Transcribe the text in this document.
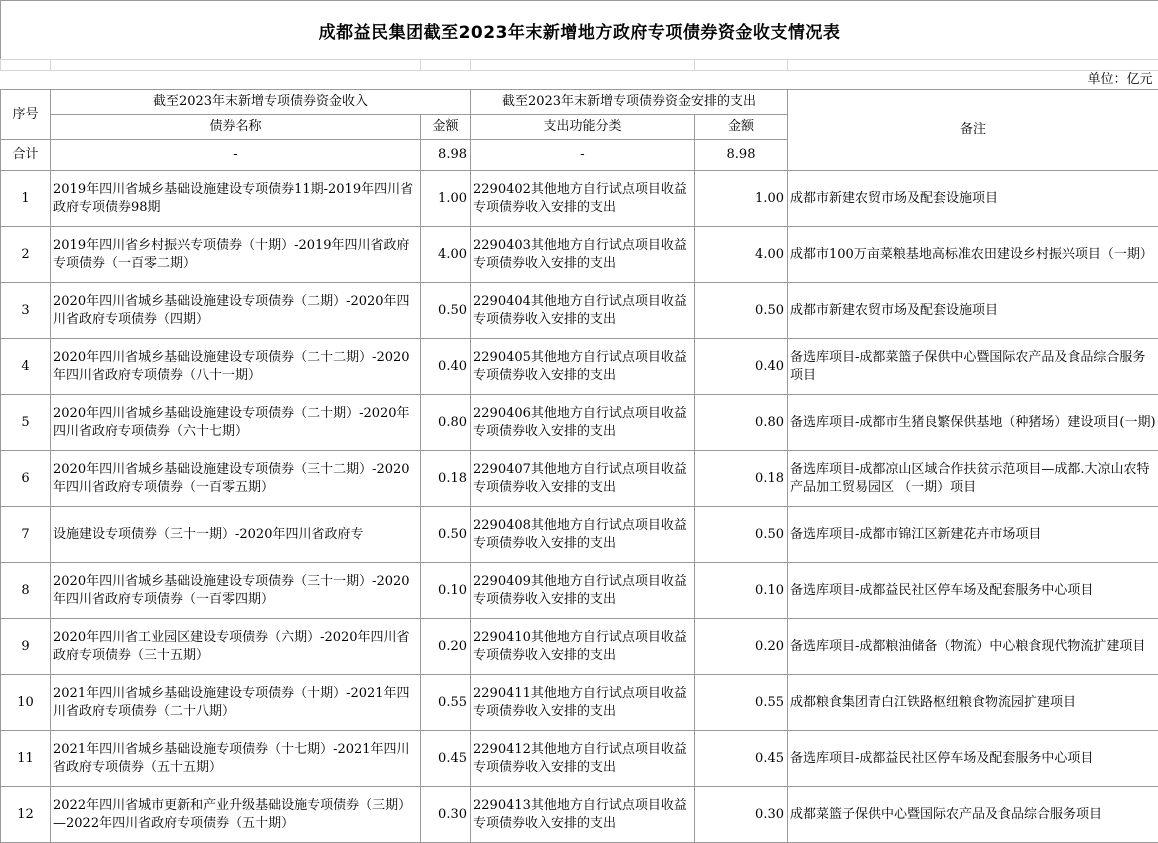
成都益民集团截至2023年末新增地方政府专项债券资金收支情况表

单位：亿元					
序号	截至2023年末新增专项债券资金收入		截至2023年末新增专项债券资金安排的支出		备注
	债券名称	金额	支出功能分类	金额	
合计	-	8.98	-	8.98	

1	2019年四川省城乡基础设施建设专项债券11期-2019年四川省政府专项债券98期	1.00	2290402其他地方自行试点项目收益专项债券收入安排的支出	1.00	成都市新建农贸市场及配套设施项目

2	2019年四川省乡村振兴专项债券（十期）-2019年四川省政府专项债券（一百零二期）	4.00	2290403其他地方自行试点项目收益专项债券收入安排的支出	4.00	成都市100万亩菜粮基地高标准农田建设乡村振兴项目（一期）

3	2020年四川省城乡基础设施建设专项债券（二期）-2020年四川省政府专项债券（四期）	0.50	2290404其他地方自行试点项目收益专项债券收入安排的支出	0.50	成都市新建农贸市场及配套设施项目

4	2020年四川省城乡基础设施建设专项债券（二十二期）-2020年四川省政府专项债券（八十一期）	0.40	2290405其他地方自行试点项目收益专项债券收入安排的支出	0.40	备选库项目-成都菜篮子保供中心暨国际农产品及食品综合服务项目

5	2020年四川省城乡基础设施建设专项债券（二十期）-2020年四川省政府专项债券（六十七期）	0.80	2290406其他地方自行试点项目收益专项债券收入安排的支出	0.80	备选库项目-成都市生猪良繁保供基地（种猪场）建设项目(一期)

6	2020年四川省城乡基础设施建设专项债券（三十二期）-2020年四川省政府专项债券（一百零五期）	0.18	2290407其他地方自行试点项目收益专项债券收入安排的支出	0.18	备选库项目-成都凉山区域合作扶贫示范项目—成都.大凉山农特产品加工贸易园区 （一期）项目

7	设施建设专项债券（三十一期）-2020年四川省政府专	0.50	2290408其他地方自行试点项目收益专项债券收入安排的支出	0.50	备选库项目-成都市锦江区新建花卉市场项目

8	2020年四川省城乡基础设施建设专项债券（三十一期）-2020年四川省政府专项债券（一百零四期）	0.10	2290409其他地方自行试点项目收益专项债券收入安排的支出	0.10	备选库项目-成都益民社区停车场及配套服务中心项目

9	2020年四川省工业园区建设专项债券（六期）-2020年四川省政府专项债券（三十五期）	0.20	2290410其他地方自行试点项目收益专项债券收入安排的支出	0.20	备选库项目-成都粮油储备（物流）中心粮食现代物流扩建项目

10	2021年四川省城乡基础设施建设专项债券（十期）-2021年四川省政府专项债券（二十八期）	0.55	2290411其他地方自行试点项目收益专项债券收入安排的支出	0.55	成都粮食集团青白江铁路枢纽粮食物流园扩建项目

11	2021年四川省城乡基础设施专项债券（十七期）-2021年四川省政府专项债券（五十五期）	0.45	2290412其他地方自行试点项目收益专项债券收入安排的支出	0.45	备选库项目-成都益民社区停车场及配套服务中心项目

12	2022年四川省城市更新和产业升级基础设施专项债券（三期）—2022年四川省政府专项债券（五十期）	0.30	2290413其他地方自行试点项目收益专项债券收入安排的支出	0.30	成都菜篮子保供中心暨国际农产品及食品综合服务项目
